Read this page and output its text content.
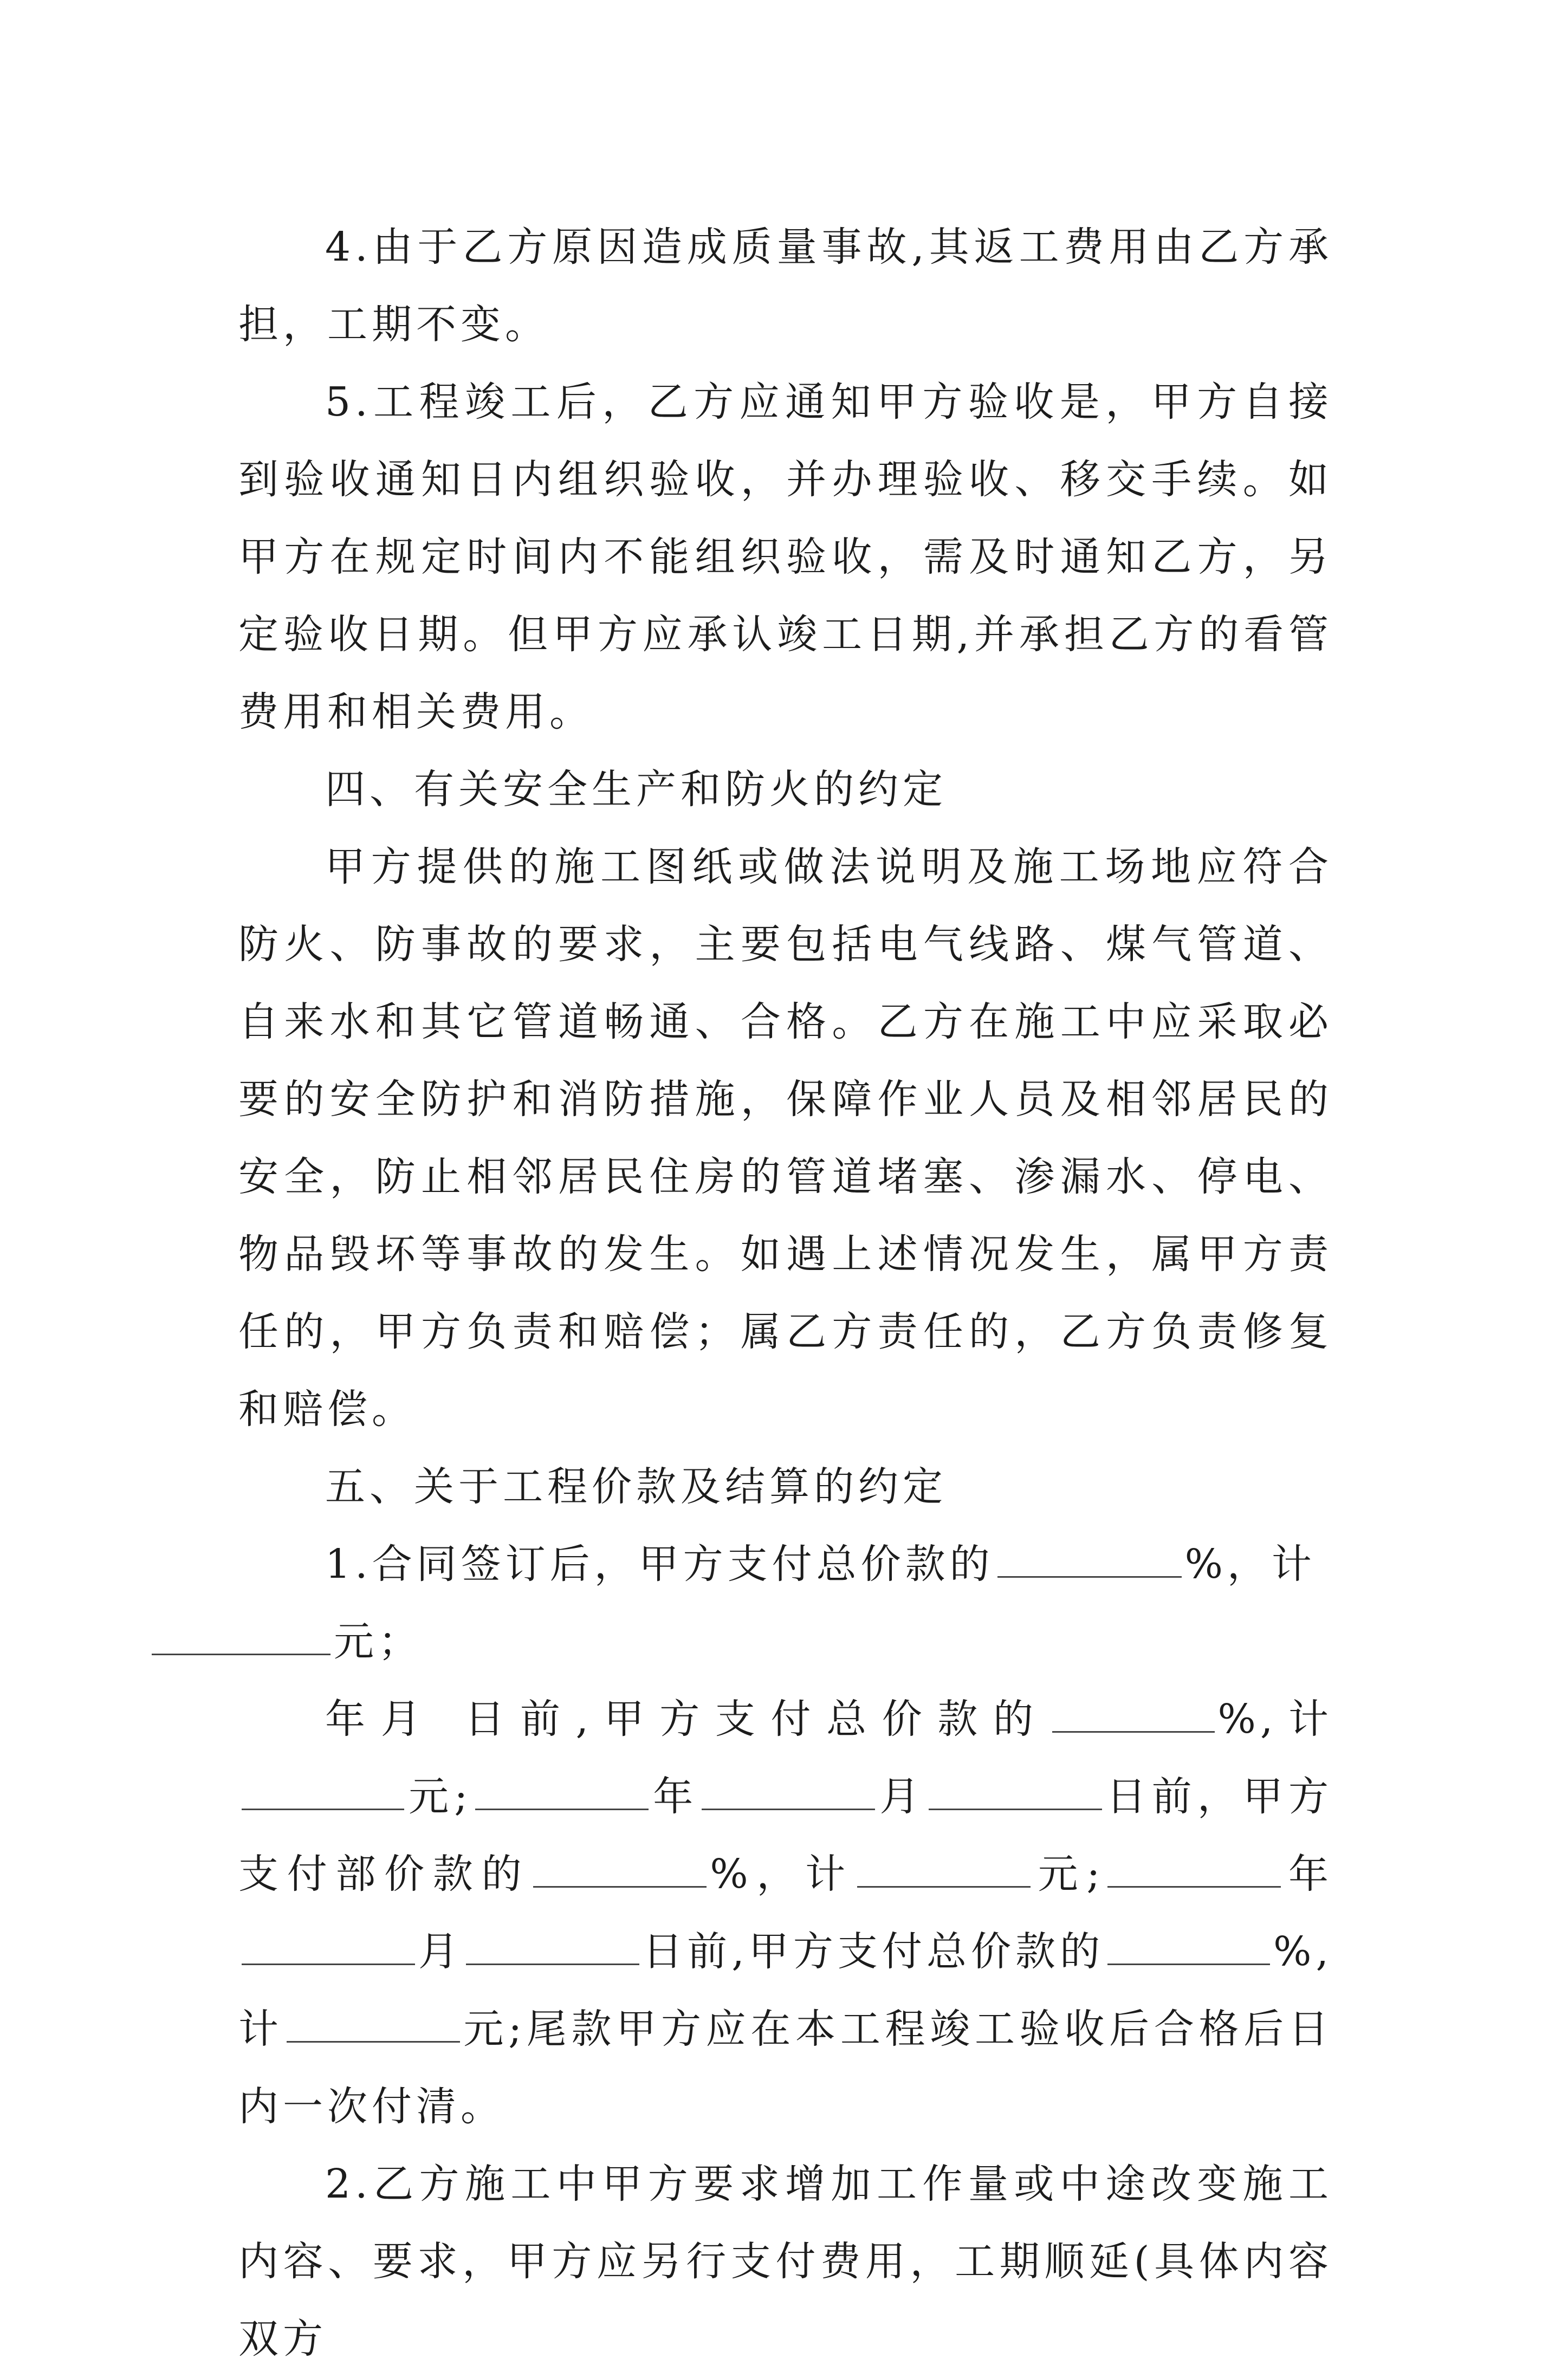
4.由于乙方原因造成质量事故,其返工费用由乙方承担，工期不变。

5.工程竣工后，乙方应通知甲方验收是，甲方自接到验收通知日内组织验收，并办理验收、移交手续。如甲方在规定时间内不能组织验收，需及时通知乙方，另定验收日期。但甲方应承认竣工日期,并承担乙方的看管费用和相关费用。

四、有关安全生产和防火的约定

甲方提供的施工图纸或做法说明及施工场地应符合防火、防事故的要求，主要包括电气线路、煤气管道、自来水和其它管道畅通、合格。乙方在施工中应采取必要的安全防护和消防措施，保障作业人员及相邻居民的安全，防止相邻居民住房的管道堵塞、渗漏水、停电、物品毁坏等事故的发生。如遇上述情况发生，属甲方责任的，甲方负责和赔偿；属乙方责任的，乙方负责修复和赔偿。

五、关于工程价款及结算的约定

1.合同签订后，甲方支付总价款的	%，计
元；

年月 日前,甲方支付总价款的	%,计元;	年	月	日前，甲方支付部价款的	%，计	元;	年月	日前,甲方支付总价款的	%,计	元;尾款甲方应在本工程竣工验收后合格后日内一次付清。

2.乙方施工中甲方要求增加工作量或中途改变施工内容、要求，甲方应另行支付费用，工期顺延(具体内容双方
